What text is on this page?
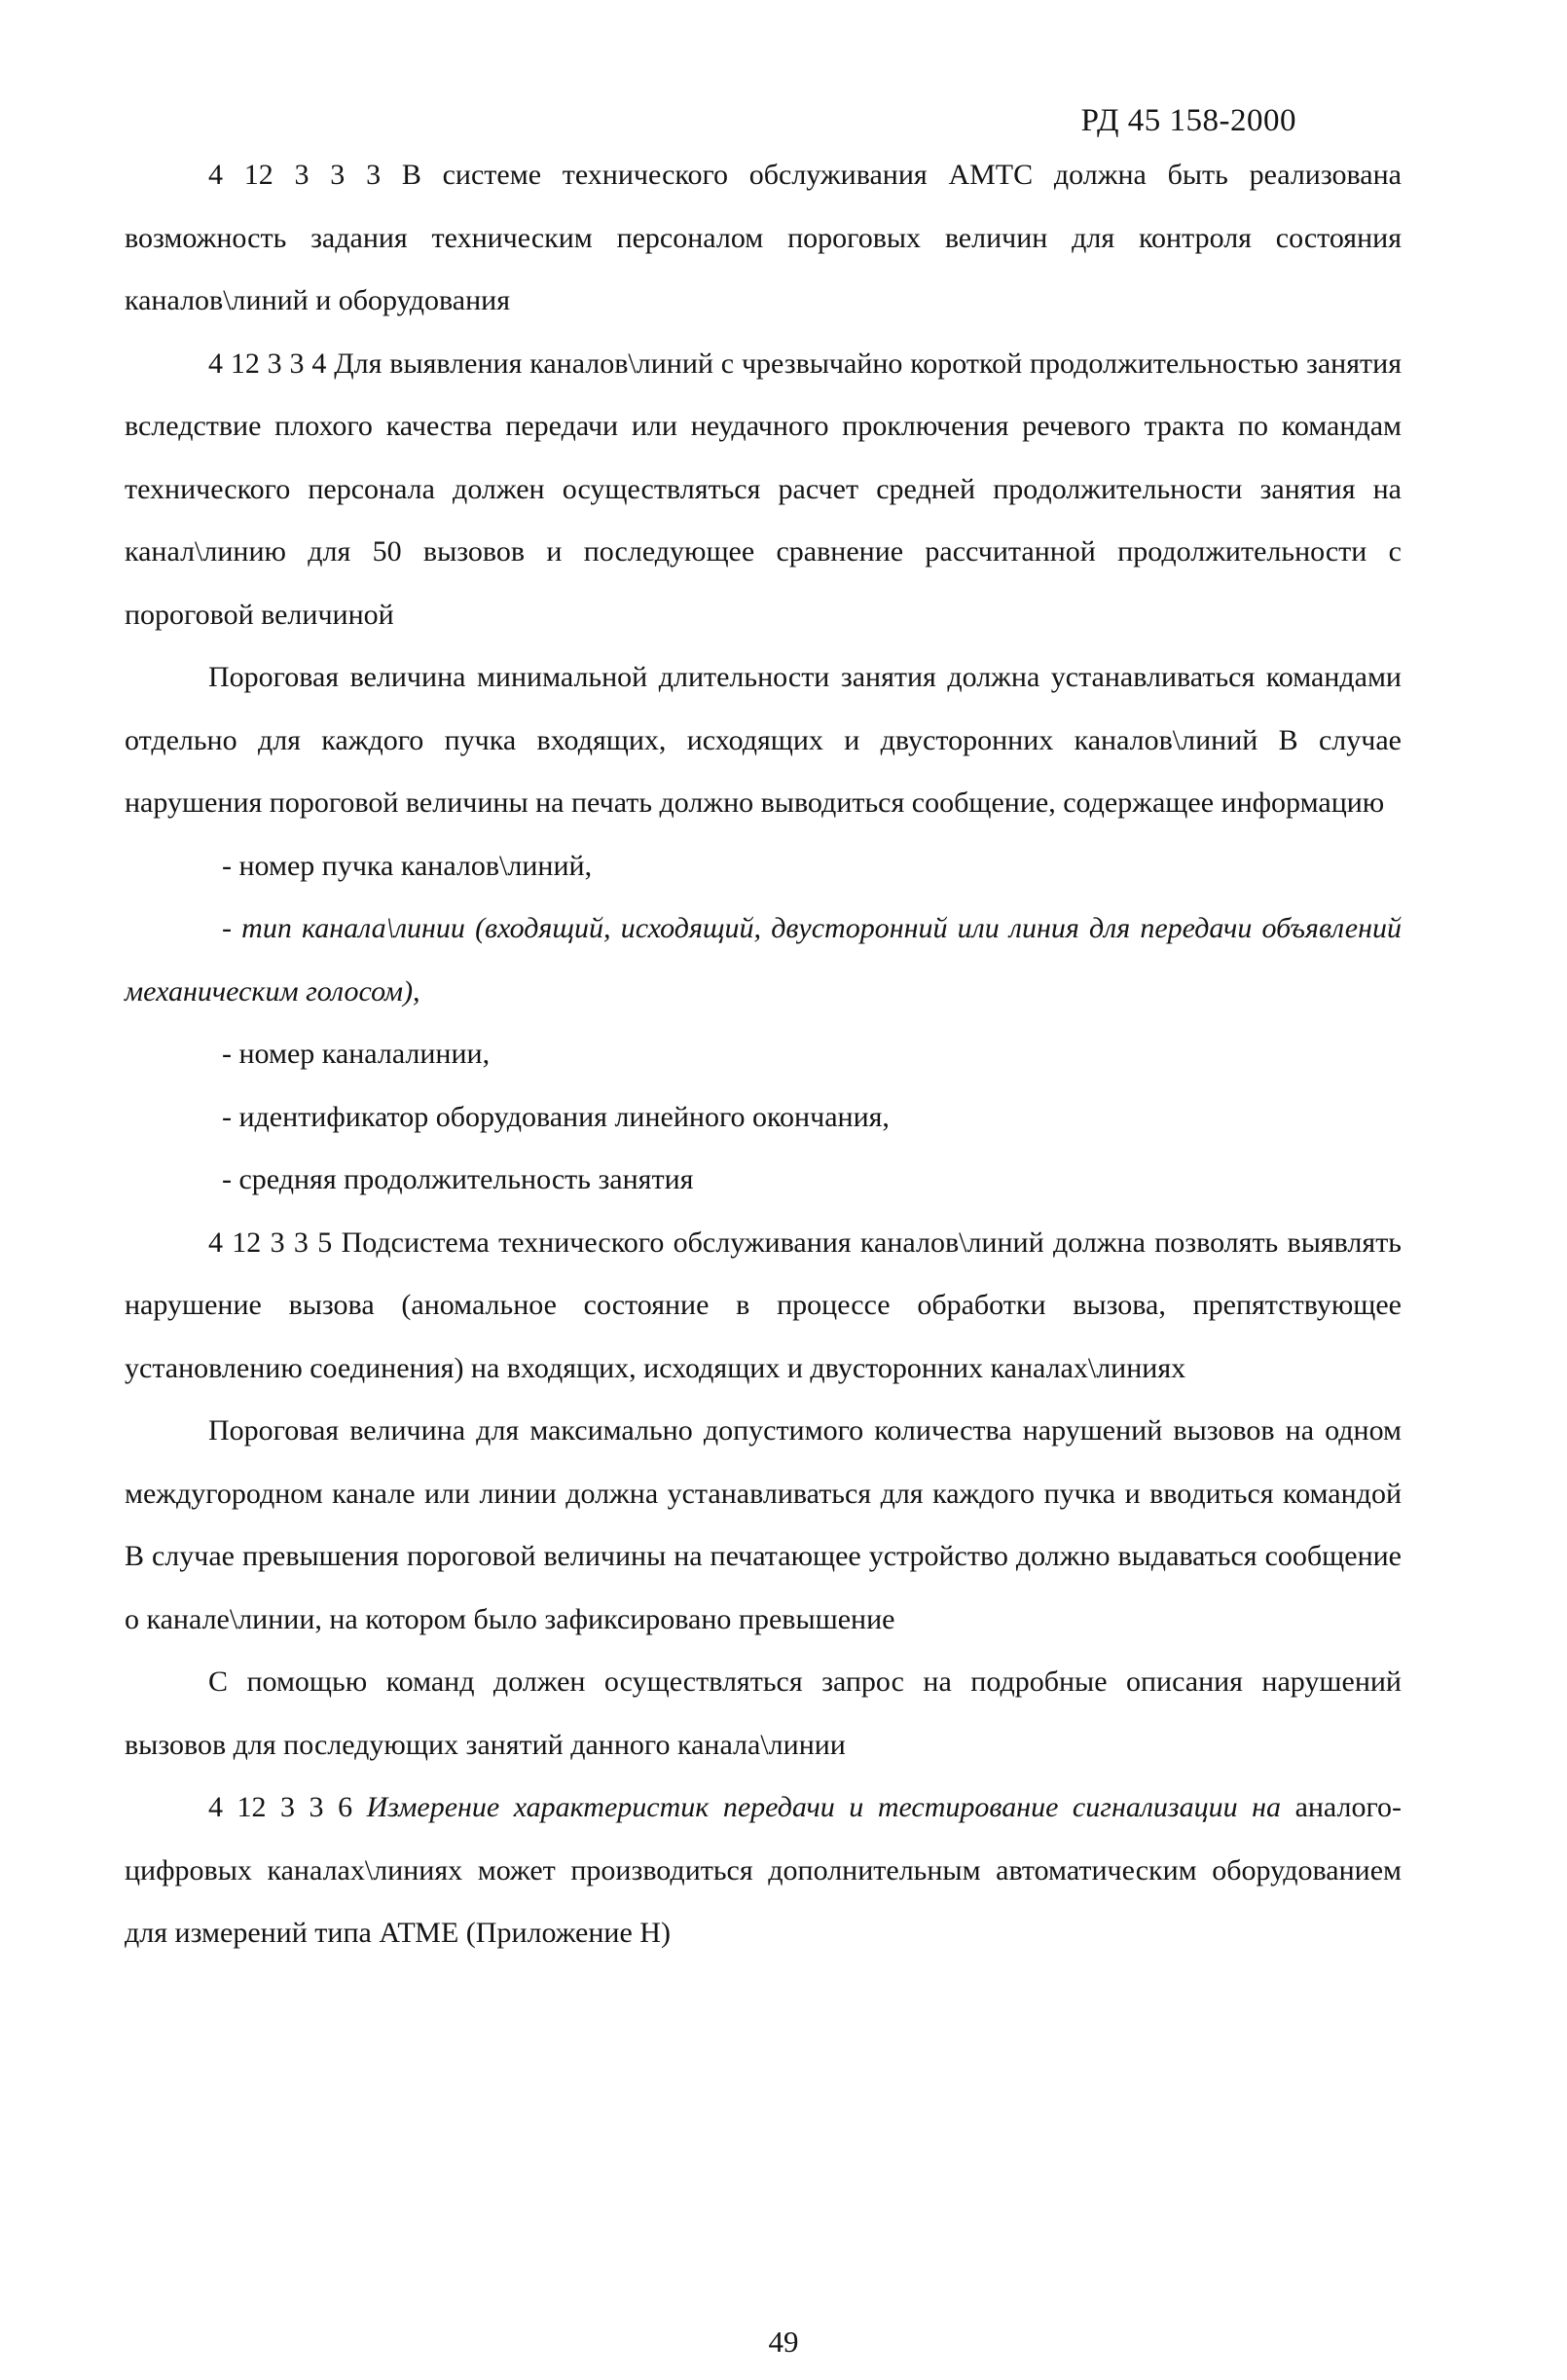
РД 45 158-2000

4 12 3 3 3 В системе технического обслуживания АМТС должна быть реализована возможность задания техническим персоналом пороговых величин для контроля состояния каналов\линий и оборудования

4 12 3 3 4 Для выявления каналов\линий с чрезвычайно короткой продолжительностью занятия вследствие плохого качества передачи или неудачного проключения речевого тракта по командам технического персонала должен осуществляться расчет средней продолжительности занятия на канал\линию для 50 вызовов и последующее сравнение рассчитанной продолжительности с пороговой величиной

Пороговая величина минимальной длительности занятия должна устанавливаться командами отдельно для каждого пучка входящих, исходящих и двусторонних каналов\линий В случае нарушения пороговой величины на печать должно выводиться сообщение, содержащее информацию

- номер пучка каналов\линий,

- тип канала\линии (входящий, исходящий, двусторонний или линия для передачи объявлений механическим голосом),

- номер каналалинии,

- идентификатор оборудования линейного окончания,

- средняя продолжительность занятия

4 12 3 3 5 Подсистема технического обслуживания каналов\линий должна позволять выявлять нарушение вызова (аномальное состояние в процессе обработки вызова, препятствующее установлению соединения) на входящих, исходящих и двусторонних каналах\линиях

Пороговая величина для максимально допустимого количества нарушений вызовов на одном междугородном канале или линии должна устанавливаться для каждого пучка и вводиться командой В случае превышения пороговой величины на печатающее устройство должно выдаваться сообщение о канале\линии, на котором было зафиксировано превышение

С помощью команд должен осуществляться запрос на подробные описания нарушений вызовов для последующих занятий данного канала\линии

4 12 3 3 6 Измерение характеристик передачи и тестирование сигнализации на аналого-цифровых каналах\линиях может производиться дополнительным автоматическим оборудованием для измерений типа АТМЕ (Приложение Н)

49
